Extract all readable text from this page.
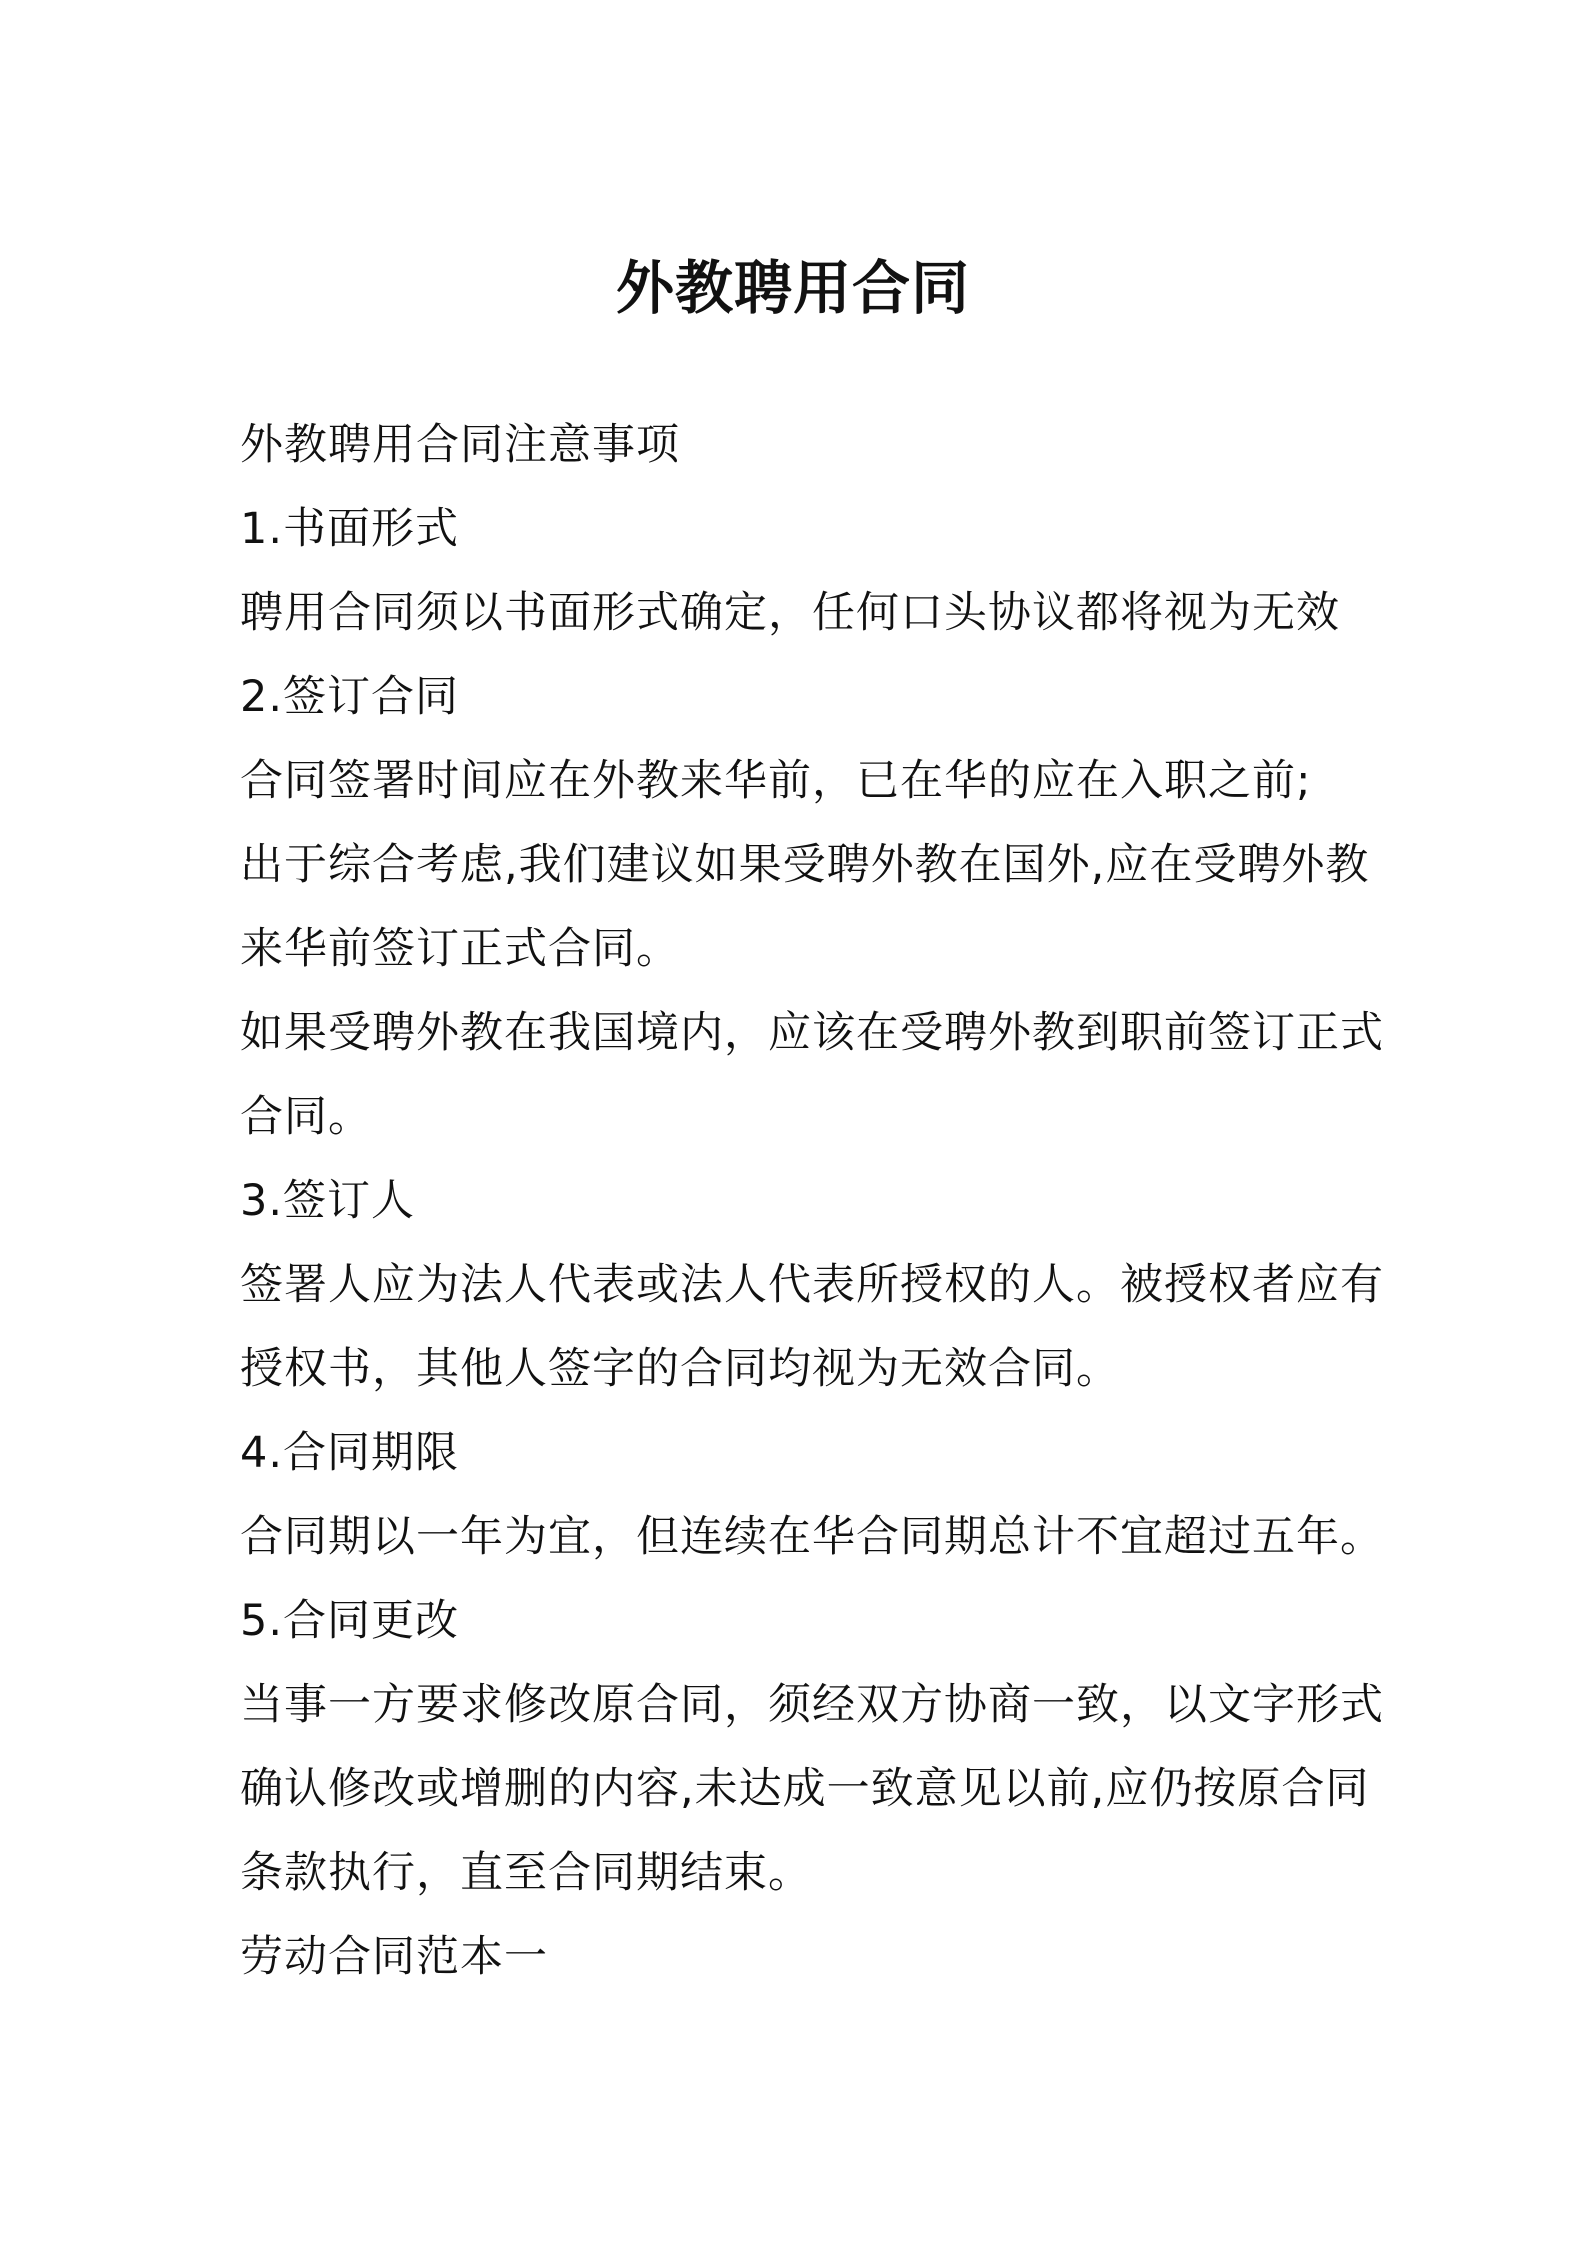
外教聘用合同

外教聘用合同注意事项

1.书面形式

聘用合同须以书面形式确定，任何口头协议都将视为无效

2.签订合同

合同签署时间应在外教来华前，已在华的应在入职之前;

出于综合考虑,我们建议如果受聘外教在国外,应在受聘外教

来华前签订正式合同。

如果受聘外教在我国境内，应该在受聘外教到职前签订正式

合同。

3.签订人

签署人应为法人代表或法人代表所授权的人。被授权者应有

授权书，其他人签字的合同均视为无效合同。

4.合同期限

合同期以一年为宜，但连续在华合同期总计不宜超过五年。

5.合同更改

当事一方要求修改原合同，须经双方协商一致，以文字形式

确认修改或增删的内容,未达成一致意见以前,应仍按原合同

条款执行，直至合同期结束。

劳动合同范本一
